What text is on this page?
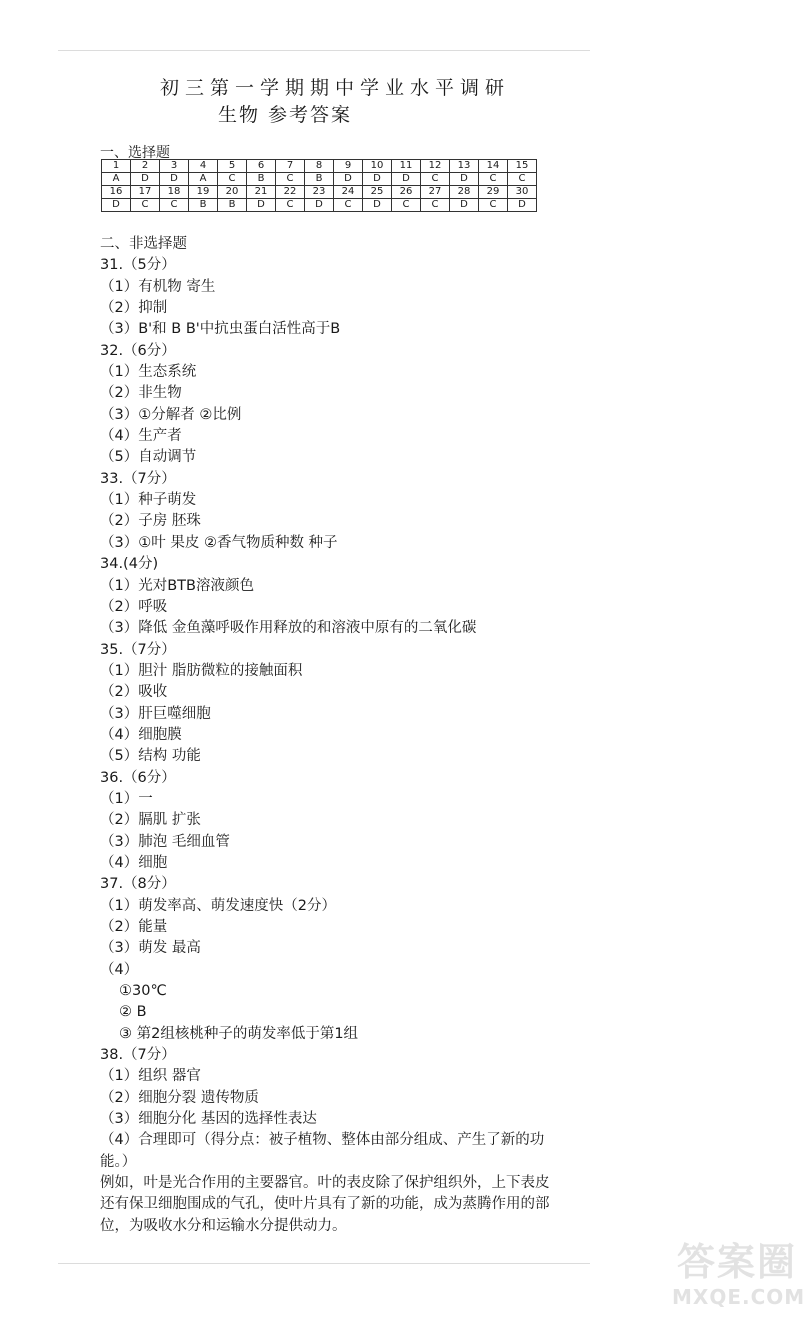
初三第一学期期中学业水平调研
生物 参考答案
一、选择题
1	2	3	4	5	6	7	8	9	10	11	12	13	14	15
A	D	D	A	C	B	C	B	D	D	D	C	D	C	C
16	17	18	19	20	21	22	23	24	25	26	27	28	29	30
D	C	C	B	B	D	C	D	C	D	C	C	D	C	D
二、非选择题
31.（5分）
（1）有机物 寄生
（2）抑制
（3）B'和 B B'中抗虫蛋白活性高于B
32.（6分）
（1）生态系统
（2）非生物
（3）①分解者 ②比例
（4）生产者
（5）自动调节
33.（7分）
（1）种子萌发
（2）子房 胚珠
（3）①叶 果皮 ②香气物质种数 种子
34.(4分)
（1）光对BTB溶液颜色
（2）呼吸
（3）降低 金鱼藻呼吸作用释放的和溶液中原有的二氧化碳
35.（7分）
（1）胆汁 脂肪微粒的接触面积
（2）吸收
（3）肝巨噬细胞
（4）细胞膜
（5）结构 功能
36.（6分）
（1）一
（2）膈肌 扩张
（3）肺泡 毛细血管
（4）细胞
37.（8分）
（1）萌发率高、萌发速度快（2分）
（2）能量
（3）萌发 最高
（4）
①30℃
② B
③ 第2组核桃种子的萌发率低于第1组
38.（7分）
（1）组织 器官
（2）细胞分裂 遗传物质
（3）细胞分化 基因的选择性表达
（4）合理即可（得分点：被子植物、整体由部分组成、产生了新的功能。）
例如，叶是光合作用的主要器官。叶的表皮除了保护组织外，上下表皮还有保卫细胞围成的气孔，使叶片具有了新的功能，成为蒸腾作用的部位，为吸收水分和运输水分提供动力。
答案圈
MXQE.COM
